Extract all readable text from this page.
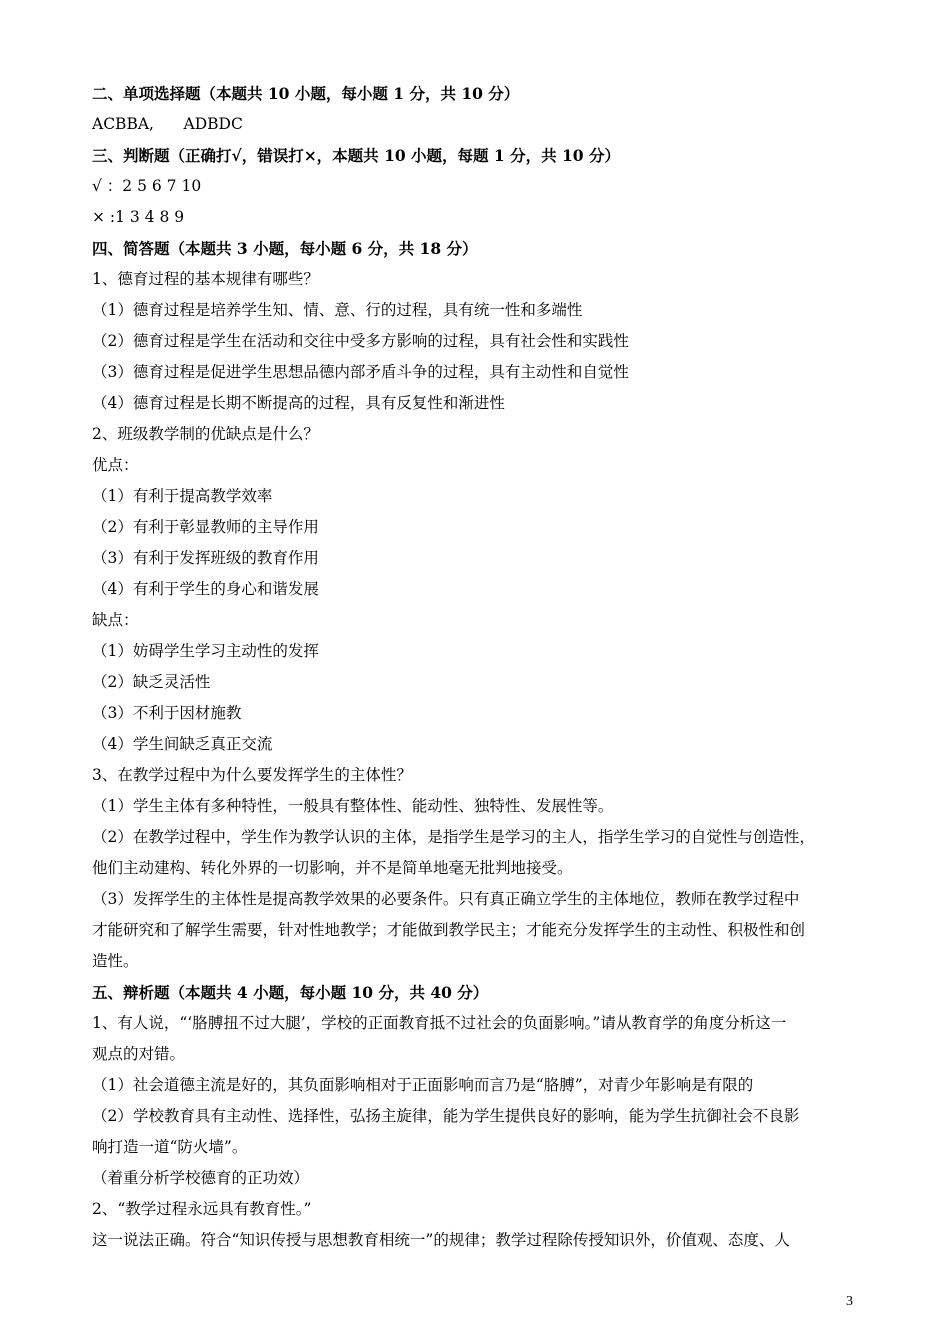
二、单项选择题（本题共 10 小题，每小题 1 分，共 10 分）
ACBBA,      ADBDC
三、判断题（正确打√，错误打×，本题共 10 小题，每题 1 分，共 10 分）
√ ：2 5 6 7 10
× :1 3 4 8 9
四、简答题（本题共 3 小题，每小题 6 分，共 18 分）
1、德育过程的基本规律有哪些？
（1）德育过程是培养学生知、情、意、行的过程，具有统一性和多端性
（2）德育过程是学生在活动和交往中受多方影响的过程，具有社会性和实践性
（3）德育过程是促进学生思想品德内部矛盾斗争的过程，具有主动性和自觉性
（4）德育过程是长期不断提高的过程，具有反复性和渐进性
2、班级教学制的优缺点是什么？
优点：
（1）有利于提高教学效率
（2）有利于彰显教师的主导作用
（3）有利于发挥班级的教育作用
（4）有利于学生的身心和谐发展
缺点：
（1）妨碍学生学习主动性的发挥
（2）缺乏灵活性
（3）不利于因材施教
（4）学生间缺乏真正交流
3、在教学过程中为什么要发挥学生的主体性？
（1）学生主体有多种特性，一般具有整体性、能动性、独特性、发展性等。
（2）在教学过程中，学生作为教学认识的主体，是指学生是学习的主人，指学生学习的自觉性与创造性，
他们主动建构、转化外界的一切影响，并不是简单地毫无批判地接受。
（3）发挥学生的主体性是提高教学效果的必要条件。只有真正确立学生的主体地位，教师在教学过程中
才能研究和了解学生需要，针对性地教学；才能做到教学民主；才能充分发挥学生的主动性、积极性和创
造性。
五、辩析题（本题共 4 小题，每小题 10 分，共 40 分）
1、有人说，“‘胳膊扭不过大腿’，学校的正面教育抵不过社会的负面影响。”请从教育学的角度分析这一
观点的对错。
（1）社会道德主流是好的，其负面影响相对于正面影响而言乃是“胳膊”，对青少年影响是有限的
（2）学校教育具有主动性、选择性，弘扬主旋律，能为学生提供良好的影响，能为学生抗御社会不良影
响打造一道“防火墙”。
（着重分析学校德育的正功效）
2、“教学过程永远具有教育性。”
这一说法正确。符合“知识传授与思想教育相统一”的规律；教学过程除传授知识外，价值观、态度、人
3
